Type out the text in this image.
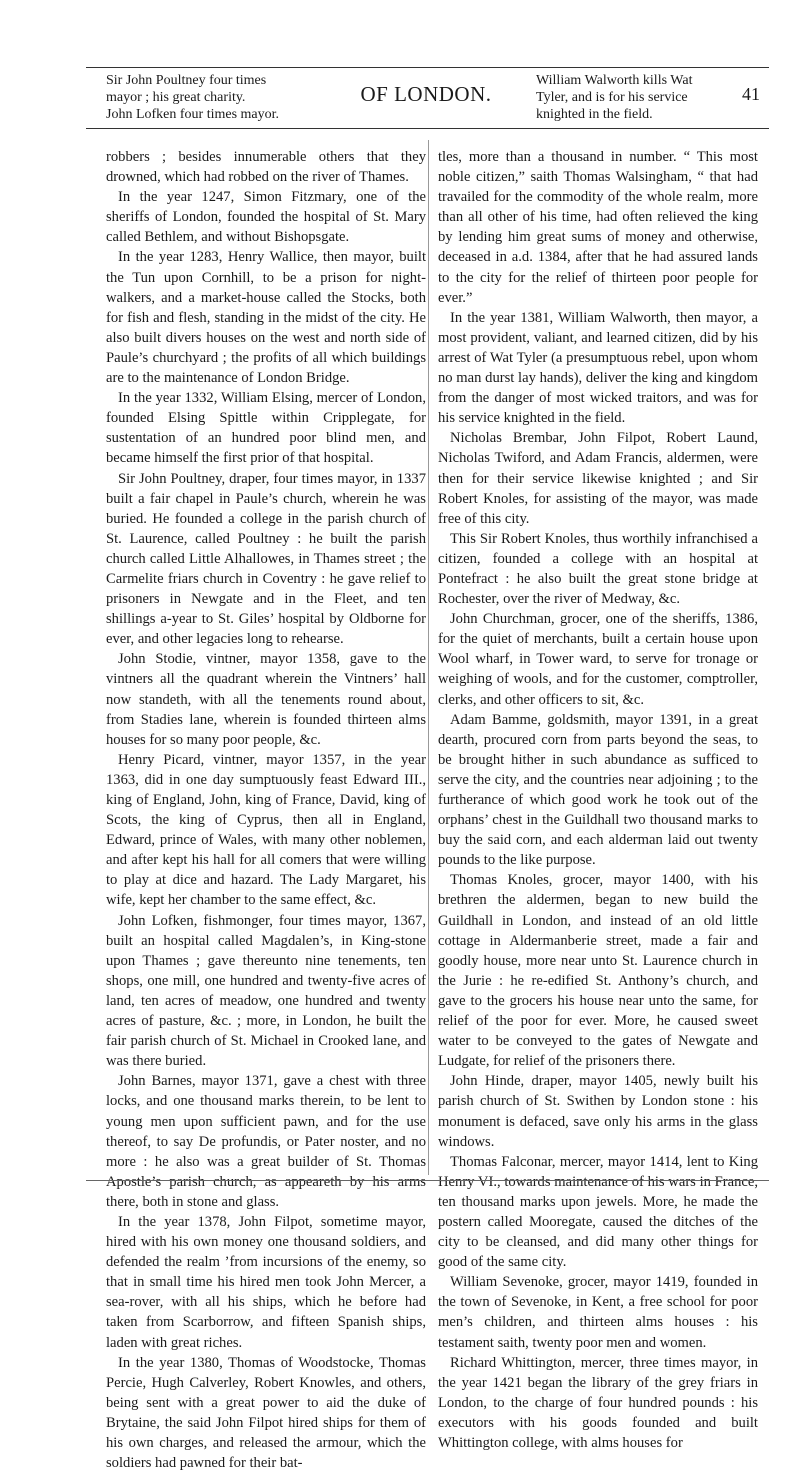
Sir John Poultney four times
mayor ; his great charity.
John Lofken four times mayor.
OF LONDON.
William Walworth kills Wat
Tyler, and is for his service
knighted in the field.
41

robbers ; besides innumerable others that they drowned, which had robbed on the river of Thames.

In the year 1247, Simon Fitzmary, one of the sheriffs of London, founded the hospital of St. Mary called Bethlem, and without Bishopsgate.

In the year 1283, Henry Wallice, then mayor, built the Tun upon Cornhill, to be a prison for night-walkers, and a market-house called the Stocks, both for fish and flesh, standing in the midst of the city. He also built divers houses on the west and north side of Paule’s churchyard ; the profits of all which buildings are to the maintenance of London Bridge.

In the year 1332, William Elsing, mercer of London, founded Elsing Spittle within Cripplegate, for sustentation of an hundred poor blind men, and became himself the first prior of that hospital.

Sir John Poultney, draper, four times mayor, in 1337 built a fair chapel in Paule’s church, wherein he was buried. He founded a college in the parish church of St. Laurence, called Poultney : he built the parish church called Little Alhallowes, in Thames street ; the Carmelite friars church in Coventry : he gave relief to prisoners in Newgate and in the Fleet, and ten shillings a-year to St. Giles’ hospital by Oldborne for ever, and other legacies long to rehearse.

John Stodie, vintner, mayor 1358, gave to the vintners all the quadrant wherein the Vintners’ hall now standeth, with all the tenements round about, from Stadies lane, wherein is founded thirteen alms houses for so many poor people, &c.

Henry Picard, vintner, mayor 1357, in the year 1363, did in one day sumptuously feast Edward III., king of England, John, king of France, David, king of Scots, the king of Cyprus, then all in England, Edward, prince of Wales, with many other noblemen, and after kept his hall for all comers that were willing to play at dice and hazard. The Lady Margaret, his wife, kept her chamber to the same effect, &c.

John Lofken, fishmonger, four times mayor, 1367, built an hospital called Magdalen’s, in King-stone upon Thames ; gave thereunto nine tenements, ten shops, one mill, one hundred and twenty-five acres of land, ten acres of meadow, one hundred and twenty acres of pasture, &c. ; more, in London, he built the fair parish church of St. Michael in Crooked lane, and was there buried.

John Barnes, mayor 1371, gave a chest with three locks, and one thousand marks therein, to be lent to young men upon sufficient pawn, and for the use thereof, to say De profundis, or Pater noster, and no more : he also was a great builder of St. Thomas Apostle’s parish church, as appeareth by his arms there, both in stone and glass.

In the year 1378, John Filpot, sometime mayor, hired with his own money one thousand soldiers, and defended the realm ’from incursions of the enemy, so that in small time his hired men took John Mercer, a sea-rover, with all his ships, which he before had taken from Scarborrow, and fifteen Spanish ships, laden with great riches.

In the year 1380, Thomas of Woodstocke, Thomas Percie, Hugh Calverley, Robert Knowles, and others, being sent with a great power to aid the duke of Brytaine, the said John Filpot hired ships for them of his own charges, and released the armour, which the soldiers had pawned for their bat-

tles, more than a thousand in number. “ This most noble citizen,” saith Thomas Walsingham, “ that had travailed for the commodity of the whole realm, more than all other of his time, had often relieved the king by lending him great sums of money and otherwise, deceased in a.d. 1384, after that he had assured lands to the city for the relief of thirteen poor people for ever.”

In the year 1381, William Walworth, then mayor, a most provident, valiant, and learned citizen, did by his arrest of Wat Tyler (a presumptuous rebel, upon whom no man durst lay hands), deliver the king and kingdom from the danger of most wicked traitors, and was for his service knighted in the field.

Nicholas Brembar, John Filpot, Robert Laund, Nicholas Twiford, and Adam Francis, aldermen, were then for their service likewise knighted ; and Sir Robert Knoles, for assisting of the mayor, was made free of this city.

This Sir Robert Knoles, thus worthily infranchised a citizen, founded a college with an hospital at Pontefract : he also built the great stone bridge at Rochester, over the river of Medway, &c.

John Churchman, grocer, one of the sheriffs, 1386, for the quiet of merchants, built a certain house upon Wool wharf, in Tower ward, to serve for tronage or weighing of wools, and for the customer, comptroller, clerks, and other officers to sit, &c.

Adam Bamme, goldsmith, mayor 1391, in a great dearth, procured corn from parts beyond the seas, to be brought hither in such abundance as sufficed to serve the city, and the countries near adjoining ; to the furtherance of which good work he took out of the orphans’ chest in the Guildhall two thousand marks to buy the said corn, and each alderman laid out twenty pounds to the like purpose.

Thomas Knoles, grocer, mayor 1400, with his brethren the aldermen, began to new build the Guildhall in London, and instead of an old little cottage in Aldermanberie street, made a fair and goodly house, more near unto St. Laurence church in the Jurie : he re-edified St. Anthony’s church, and gave to the grocers his house near unto the same, for relief of the poor for ever. More, he caused sweet water to be conveyed to the gates of Newgate and Ludgate, for relief of the prisoners there.

John Hinde, draper, mayor 1405, newly built his parish church of St. Swithen by London stone : his monument is defaced, save only his arms in the glass windows.

Thomas Falconar, mercer, mayor 1414, lent to King Henry VI., towards maintenance of his wars in France, ten thousand marks upon jewels. More, he made the postern called Mooregate, caused the ditches of the city to be cleansed, and did many other things for good of the same city.

William Sevenoke, grocer, mayor 1419, founded in the town of Sevenoke, in Kent, a free school for poor men’s children, and thirteen alms houses : his testament saith, twenty poor men and women.

Richard Whittington, mercer, three times mayor, in the year 1421 began the library of the grey friars in London, to the charge of four hundred pounds : his executors with his goods founded and built Whittington college, with alms houses for
